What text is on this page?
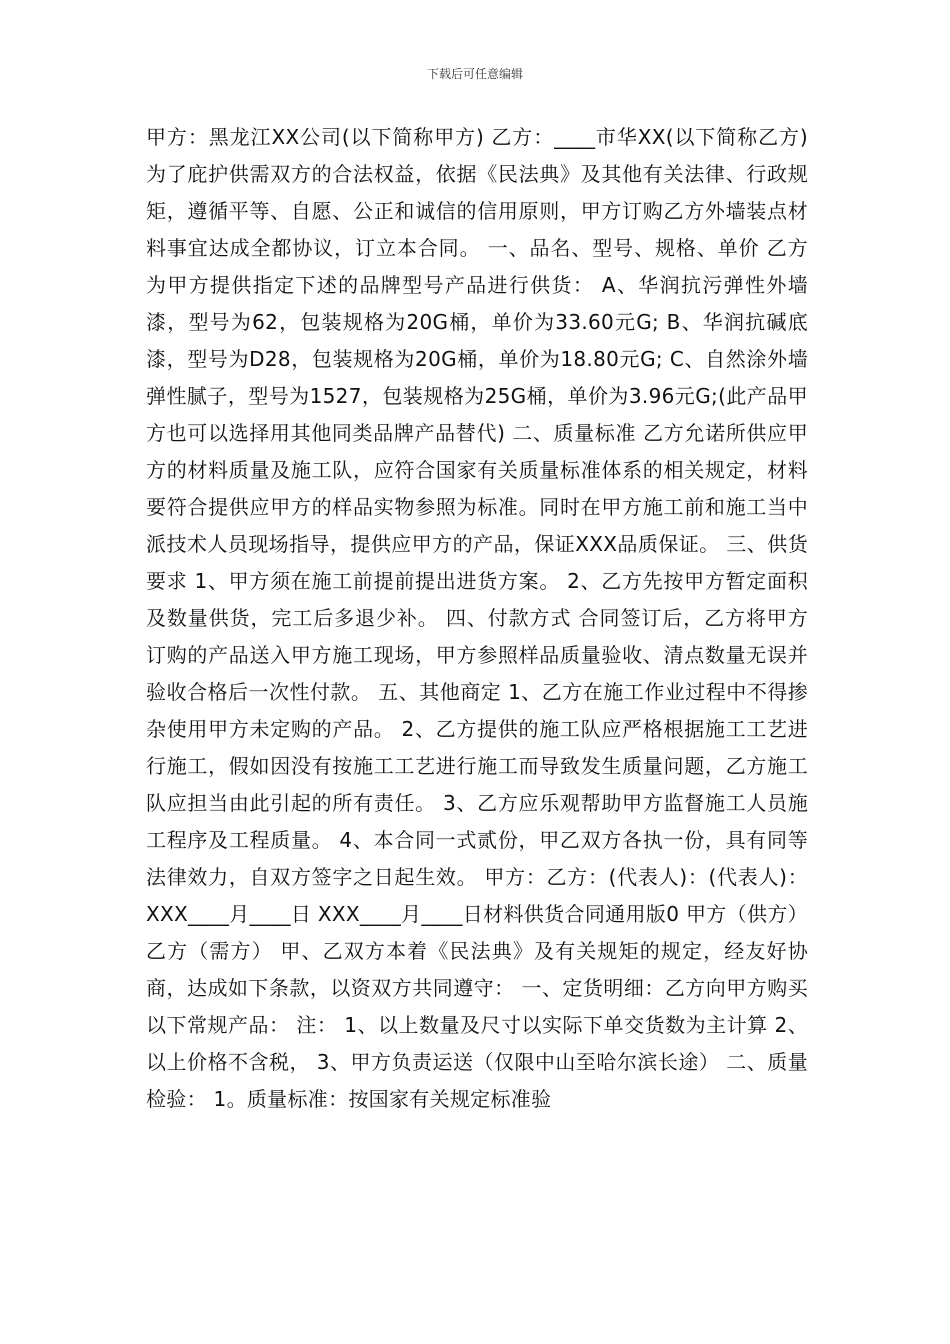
下载后可任意编辑

甲方：黑龙江XX公司(以下简称甲方) 乙方：____市华XX(以下简称乙方)为了庇护供需双方的合法权益，依据《民法典》及其他有关法律、行政规矩，遵循平等、自愿、公正和诚信的信用原则，甲方订购乙方外墙装点材料事宜达成全都协议，订立本合同。 一、品名、型号、规格、单价 乙方为甲方提供指定下述的品牌型号产品进行供货： A、华润抗污弹性外墙漆，型号为62，包装规格为20G桶，单价为33.60元G; B、华润抗碱底漆，型号为D28，包装规格为20G桶，单价为18.80元G; C、自然涂外墙弹性腻子，型号为1527，包装规格为25G桶，单价为3.96元G;(此产品甲方也可以选择用其他同类品牌产品替代) 二、质量标准 乙方允诺所供应甲方的材料质量及施工队，应符合国家有关质量标准体系的相关规定，材料要符合提供应甲方的样品实物参照为标准。同时在甲方施工前和施工当中派技术人员现场指导，提供应甲方的产品，保证XXX品质保证。 三、供货要求 1、甲方须在施工前提前提出进货方案。 2、乙方先按甲方暂定面积及数量供货，完工后多退少补。 四、付款方式 合同签订后，乙方将甲方订购的产品送入甲方施工现场，甲方参照样品质量验收、清点数量无误并验收合格后一次性付款。 五、其他商定 1、乙方在施工作业过程中不得掺杂使用甲方未定购的产品。 2、乙方提供的施工队应严格根据施工工艺进行施工，假如因没有按施工工艺进行施工而导致发生质量问题，乙方施工队应担当由此引起的所有责任。 3、乙方应乐观帮助甲方监督施工人员施工程序及工程质量。 4、本合同一式贰份，甲乙双方各执一份，具有同等法律效力，自双方签字之日起生效。 甲方：乙方：(代表人)：(代表人)： XXX____月____日 XXX____月____日材料供货合同通用版0 甲方（供方） 乙方（需方） 甲、乙双方本着《民法典》及有关规矩的规定，经友好协商，达成如下条款，以资双方共同遵守： 一、定货明细：乙方向甲方购买以下常规产品： 注： 1、以上数量及尺寸以实际下单交货数为主计算 2、以上价格不含税， 3、甲方负责运送（仅限中山至哈尔滨长途） 二、质量检验： 1。质量标准：按国家有关规定标准验
